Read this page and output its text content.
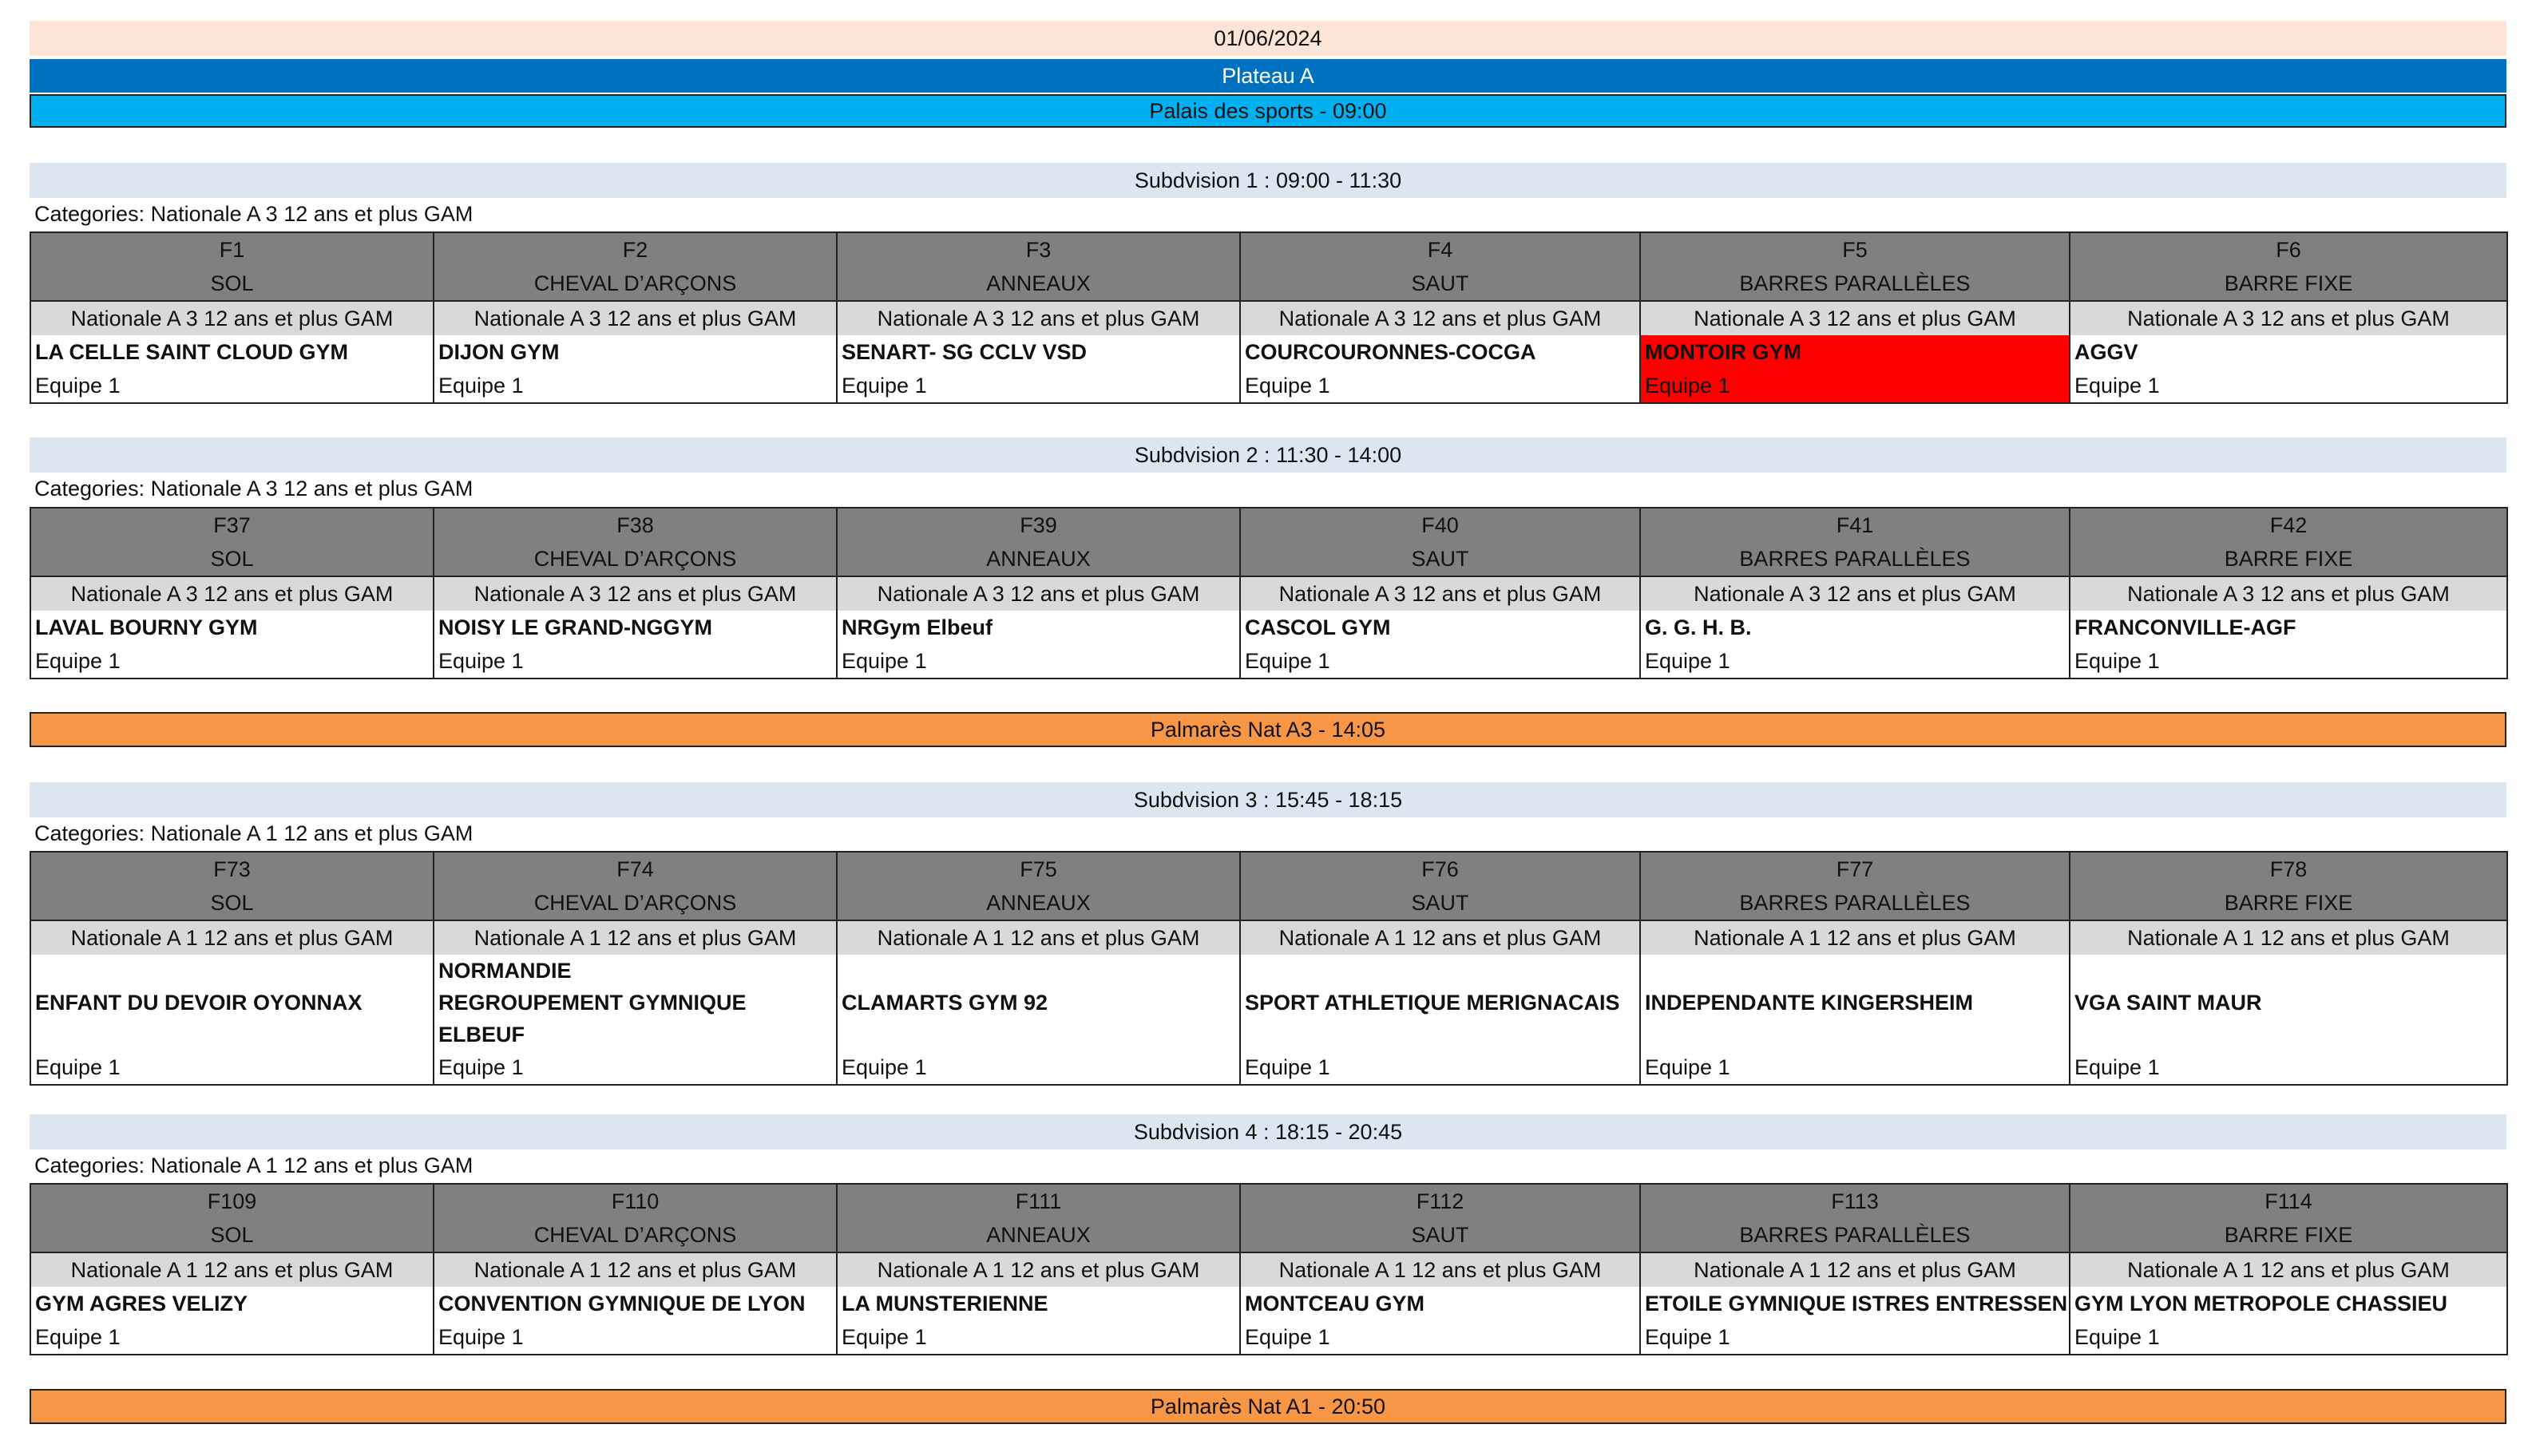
01/06/2024
Plateau A
Palais des sports - 09:00
Subdvision 1 : 09:00 - 11:30
Categories: Nationale A 3 12 ans et plus GAM
F1	F2	F3	F4	F5	F6
SOL	CHEVAL D’ARÇONS	ANNEAUX	SAUT	BARRES PARALLÈLES	BARRE FIXE
Nationale A 3 12 ans et plus GAM	Nationale A 3 12 ans et plus GAM	Nationale A 3 12 ans et plus GAM	Nationale A 3 12 ans et plus GAM	Nationale A 3 12 ans et plus GAM	Nationale A 3 12 ans et plus GAM
LA CELLE SAINT CLOUD GYM	DIJON GYM	SENART- SG CCLV VSD	COURCOURONNES-COCGA	MONTOIR GYM	AGGV
Equipe 1	Equipe 1	Equipe 1	Equipe 1	Equipe 1	Equipe 1
Subdvision 2 : 11:30 - 14:00
Categories: Nationale A 3 12 ans et plus GAM
F37	F38	F39	F40	F41	F42
SOL	CHEVAL D’ARÇONS	ANNEAUX	SAUT	BARRES PARALLÈLES	BARRE FIXE
Nationale A 3 12 ans et plus GAM	Nationale A 3 12 ans et plus GAM	Nationale A 3 12 ans et plus GAM	Nationale A 3 12 ans et plus GAM	Nationale A 3 12 ans et plus GAM	Nationale A 3 12 ans et plus GAM
LAVAL BOURNY GYM	NOISY LE GRAND-NGGYM	NRGym Elbeuf	CASCOL GYM	G. G. H. B.	FRANCONVILLE-AGF
Equipe 1	Equipe 1	Equipe 1	Equipe 1	Equipe 1	Equipe 1
Palmarès Nat A3 - 14:05
Subdvision 3 : 15:45 - 18:15
Categories: Nationale A 1 12 ans et plus GAM
F73	F74	F75	F76	F77	F78
SOL	CHEVAL D’ARÇONS	ANNEAUX	SAUT	BARRES PARALLÈLES	BARRE FIXE
Nationale A 1 12 ans et plus GAM	Nationale A 1 12 ans et plus GAM	Nationale A 1 12 ans et plus GAM	Nationale A 1 12 ans et plus GAM	Nationale A 1 12 ans et plus GAM	Nationale A 1 12 ans et plus GAM

ENFANT DU DEVOIR OYONNAX	NORMANDIE REGROUPEMENT GYMNIQUE ELBEUF	CLAMARTS GYM 92	SPORT ATHLETIQUE MERIGNACAIS	INDEPENDANTE KINGERSHEIM	VGA SAINT MAUR

Equipe 1	Equipe 1	Equipe 1	Equipe 1	Equipe 1	Equipe 1
Subdvision 4 : 18:15 - 20:45
Categories: Nationale A 1 12 ans et plus GAM
F109	F110	F111	F112	F113	F114
SOL	CHEVAL D’ARÇONS	ANNEAUX	SAUT	BARRES PARALLÈLES	BARRE FIXE
Nationale A 1 12 ans et plus GAM	Nationale A 1 12 ans et plus GAM	Nationale A 1 12 ans et plus GAM	Nationale A 1 12 ans et plus GAM	Nationale A 1 12 ans et plus GAM	Nationale A 1 12 ans et plus GAM
GYM AGRES VELIZY	CONVENTION GYMNIQUE DE LYON	LA MUNSTERIENNE	MONTCEAU GYM	ETOILE GYMNIQUE ISTRES ENTRESSEN	GYM LYON METROPOLE CHASSIEU
Equipe 1	Equipe 1	Equipe 1	Equipe 1	Equipe 1	Equipe 1
Palmarès Nat A1 - 20:50
